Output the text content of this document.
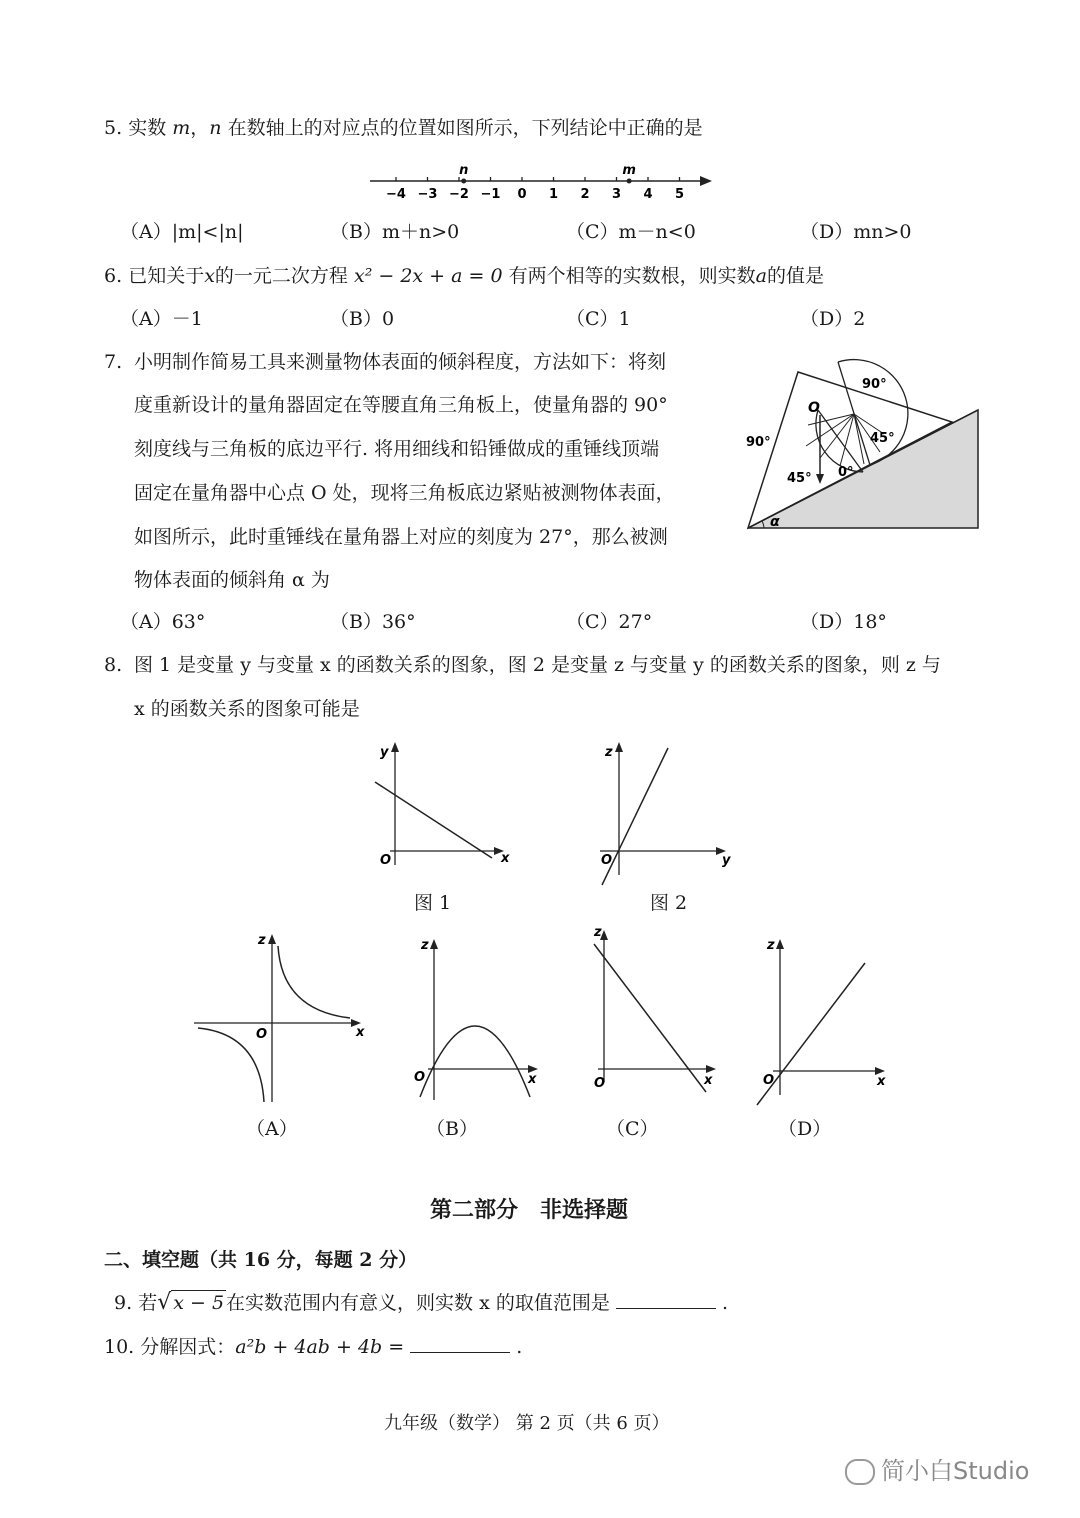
5. 实数 m，n 在数轴上的对应点的位置如图所示，下列结论中正确的是
−4 −3 −2 −1 0 1 2 3 4 5
n	m
（A）|m|<|n|	（B）m＋n>0	（C）m－n<0	（D）mn>0
6. 已知关于x的一元二次方程 x² − 2x + a = 0 有两个相等的实数根，则实数a的值是
（A）－1	（B）0	（C）1	（D）2
7. 小明制作简易工具来测量物体表面的倾斜程度，方法如下：将刻
度重新设计的量角器固定在等腰直角三角板上，使量角器的 90°
刻度线与三角板的底边平行. 将用细线和铅锤做成的重锤线顶端
固定在量角器中心点 O 处，现将三角板底边紧贴被测物体表面，
如图所示，此时重锤线在量角器上对应的刻度为 27°，那么被测
物体表面的倾斜角 α 为
90°
90°	45°
45° 0°
O
α
（A）63°	（B）36°	（C）27°	（D）18°
8. 图 1 是变量 y 与变量 x 的函数关系的图象，图 2 是变量 z 与变量 y 的函数关系的图象，则 z 与
x 的函数关系的图象可能是
y
x
O
图 1
z
y
O
图 2
z
x
O
（A）
z
x
O
（B）
z
x
O
（C）
z
x
O
（D）
第二部分　非选择题
二、填空题（共 16 分，每题 2 分）
9. 若√ x − 5 在实数范围内有意义，则实数 x 的取值范围是	.
10. 分解因式：a²b + 4ab + 4b =	.
九年级（数学） 第 2 页（共 6 页）
简小白Studio
